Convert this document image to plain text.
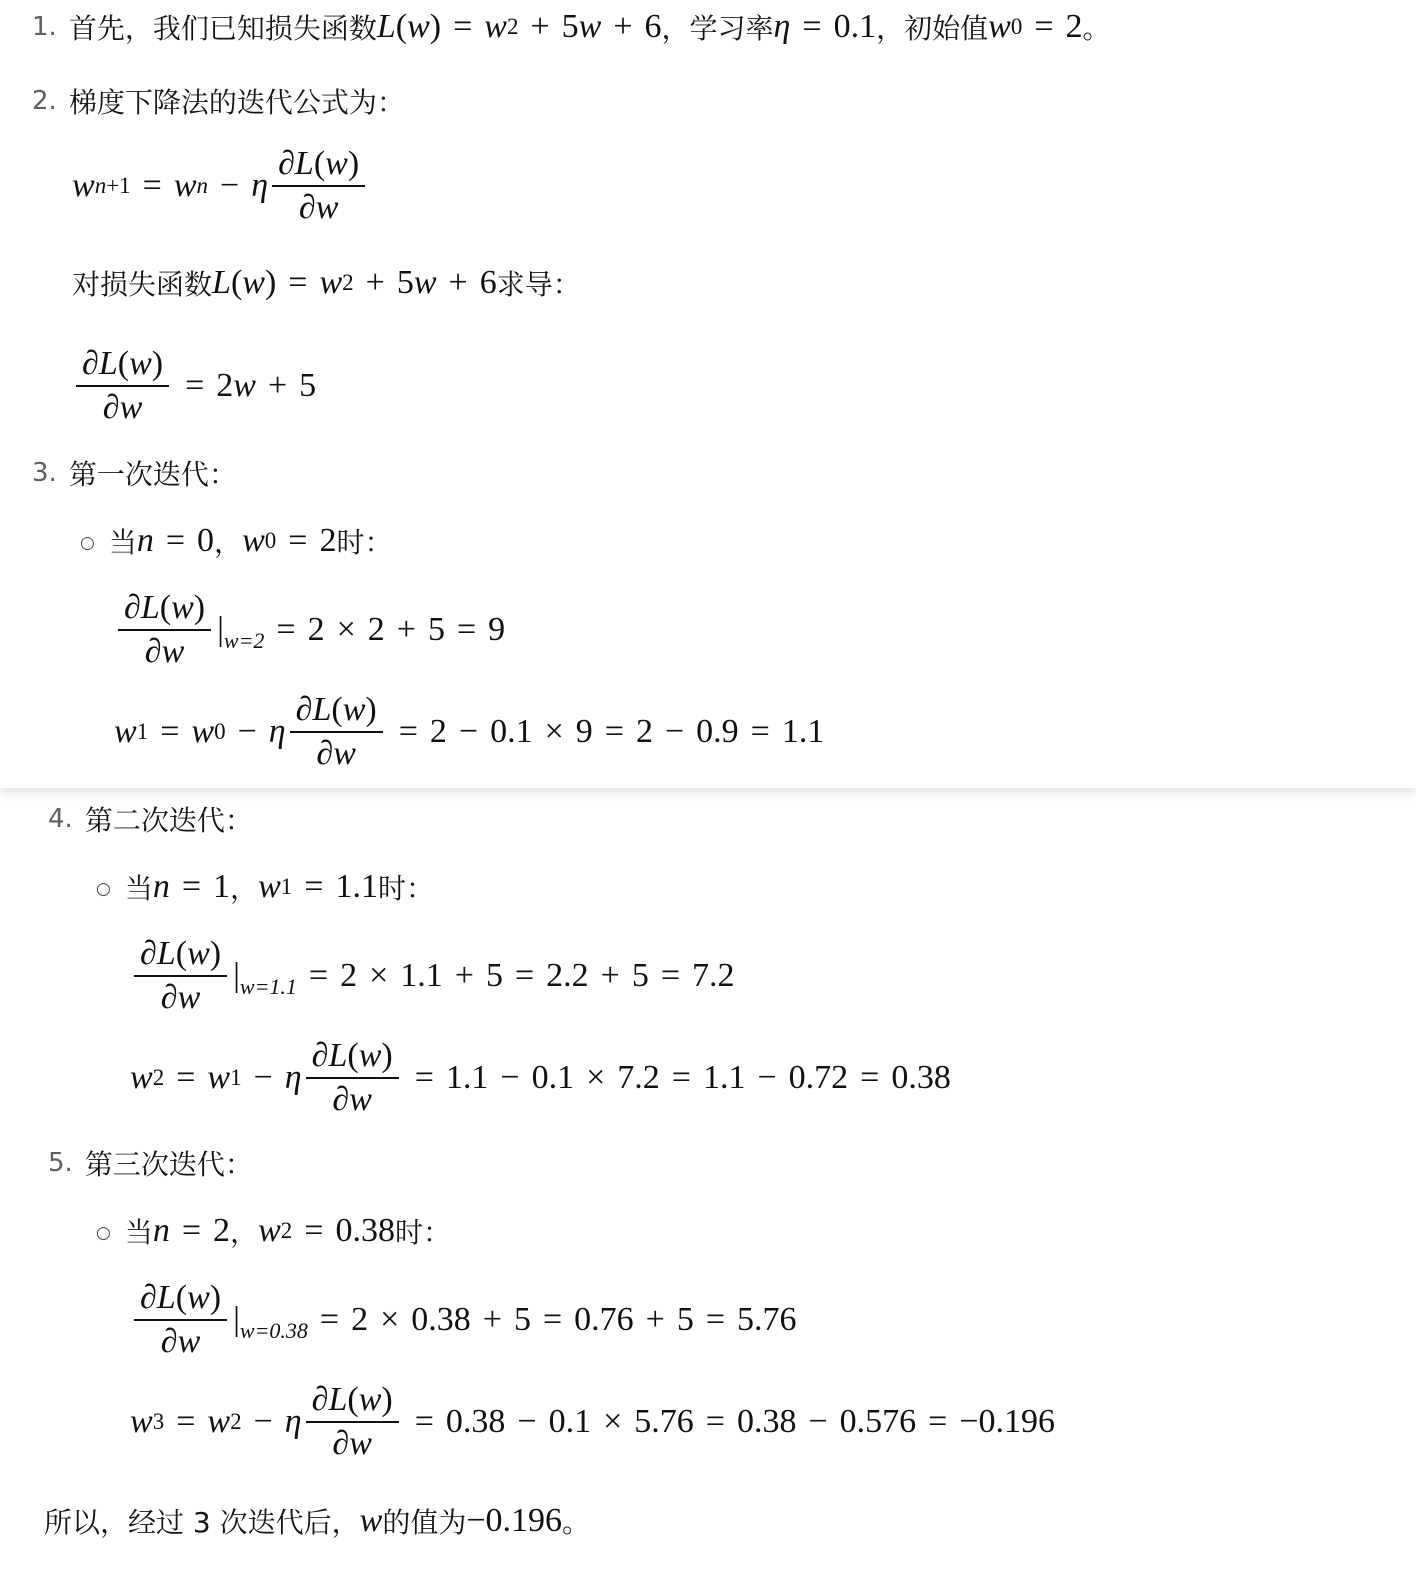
1. 首先，我们已知损失函数 L ( w ) = w 2 + 5 w + 6 ，学习率 η = 0.1 ，初始值 w 0 = 2 。
2. 梯度下降法的迭代公式为：
w n+1 = w n − η $\frac{\partial L(w)}{\partial w}$
对损失函数 L ( w ) = w 2 + 5 w + 6 求导：
$\frac{\partial L(w)}{\partial w} = 2$ w + 5
3. 第一次迭代：
○ 当 n = 0 ， w 0 = 2 时：
$\frac{\partial L(w)}{\partial w} |_{w=2} = 2 \times 2 + 5 = 9$
w 1 = w 0 − η $\frac{\partial L(w)}{\partial w} = 2 - 0.1 \times 9 = 2 - 0.9 = 1.1$
4. 第二次迭代：
○ 当 n = 1 ， w 1 = 1.1 时：
$\frac{\partial L(w)}{\partial w} |_{w=1.1} = 2 \times 1.1 + 5 = 2.2 + 5 = 7.2$
w 2 = w 1 − η $\frac{\partial L(w)}{\partial w} = 1.1 - 0.1 \times 7.2 = 1.1 - 0.72 = 0.38$
5. 第三次迭代：
○ 当 n = 2 ， w 2 = 0.38 时：
$\frac{\partial L(w)}{\partial w} |_{w=0.38} = 2 \times 0.38 + 5 = 0.76 + 5 = 5.76$
w 3 = w 2 − η $\frac{\partial L(w)}{\partial w} = 0.38 - 0.1 \times 5.76 = 0.38 - 0.576 = -0.196$
所以，经过 3 次迭代后， w 的值为 −0.196 。
